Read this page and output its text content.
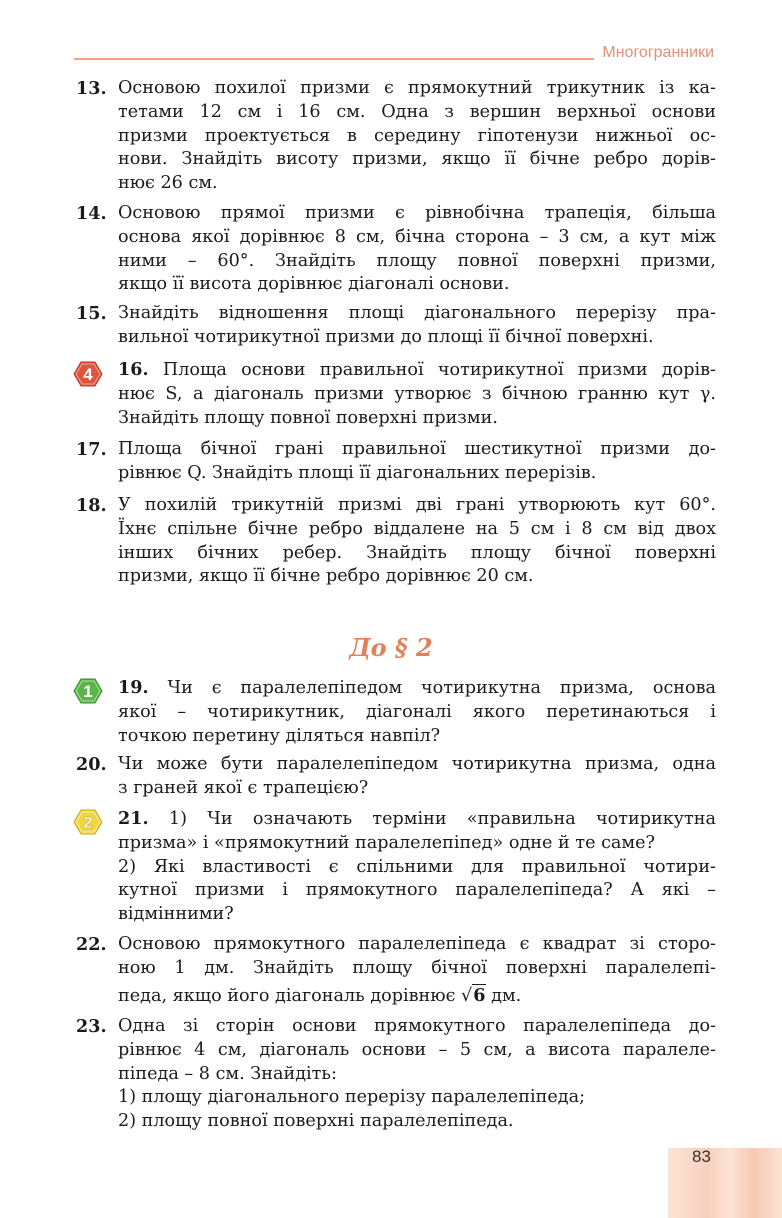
Многогранники
13. Основою похилої призми є прямокутний трикутник із ка-
тетами 12 см і 16 см. Одна з вершин верхньої основи
призми проектується в середину гіпотенузи нижньої ос-
нови. Знайдіть висоту призми, якщо її бічне ребро дорів-
нює 26 см.
14. Основою прямої призми є рівнобічна трапеція, більша
основа якої дорівнює 8 см, бічна сторона – 3 см, а кут між
ними – 60°. Знайдіть площу повної поверхні призми,
якщо її висота дорівнює діагоналі основи.
15. Знайдіть відношення площі діагонального перерізу пра-
вильної чотирикутної призми до площі її бічної поверхні.
4 16. Площа основи правильної чотирикутної призми дорів-
нює S, а діагональ призми утворює з бічною гранню кут γ.
Знайдіть площу повної поверхні призми.
17. Площа бічної грані правильної шестикутної призми до-
рівнює Q. Знайдіть площі її діагональних перерізів.
18. У похилій трикутній призмі дві грані утворюють кут 60°.
Їхнє спільне бічне ребро віддалене на 5 см і 8 см від двох
інших бічних ребер. Знайдіть площу бічної поверхні
призми, якщо її бічне ребро дорівнює 20 см.
До § 2
1 19. Чи є паралелепіпедом чотирикутна призма, основа
якої – чотирикутник, діагоналі якого перетинаються і
точкою перетину діляться навпіл?
20. Чи може бути паралелепіпедом чотирикутна призма, одна
з граней якої є трапецією?
2 21. 1) Чи означають терміни «правильна чотирикутна
призма» і «прямокутний паралелепіпед» одне й те саме?
2) Які властивості є спільними для правильної чотири-
кутної призми і прямокутного паралелепіпеда? А які –
відмінними?
22. Основою прямокутного паралелепіпеда є квадрат зі сторо-
ною 1 дм. Знайдіть площу бічної поверхні паралелепі-
педа, якщо його діагональ дорівнює √6 дм.
23. Одна зі сторін основи прямокутного паралелепіпеда до-
рівнює 4 см, діагональ основи – 5 см, а висота паралеле-
піпеда – 8 см. Знайдіть:
1) площу діагонального перерізу паралелепіпеда;
2) площу повної поверхні паралелепіпеда.
83
